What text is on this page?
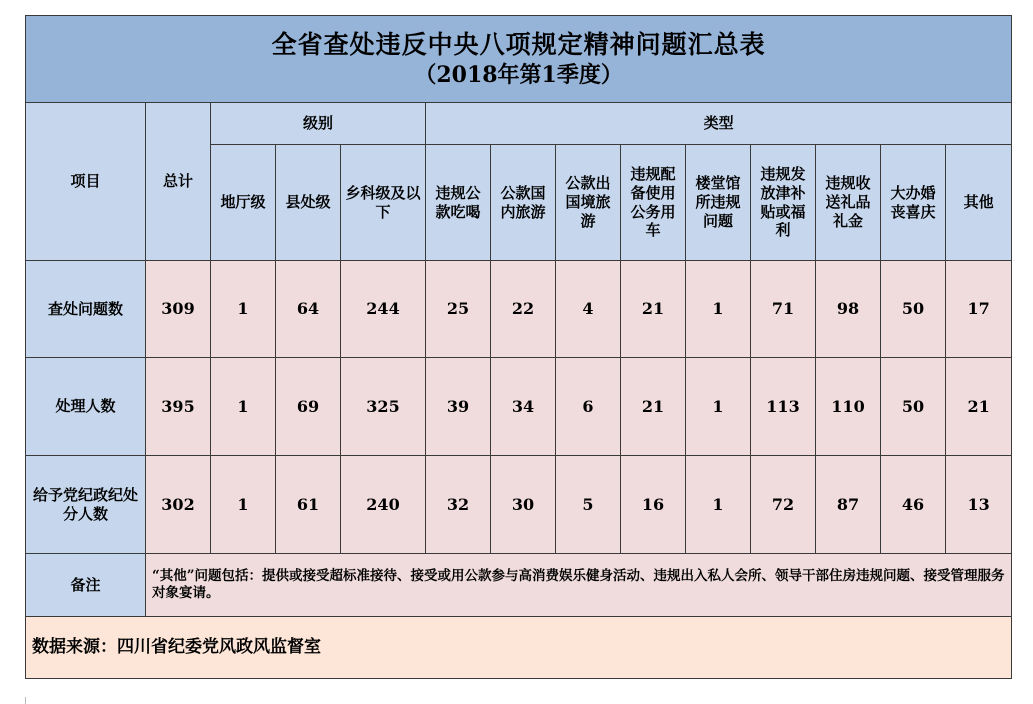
全省查处违反中央八项规定精神问题汇总表
（2018年第1季度）													

项目	总计	级别			类型								
		地厅级	县处级	乡科级及以下	违规公款吃喝	公款国内旅游	公款出国境旅游	违规配备使用公务用车	楼堂馆所违规问题	违规发放津补贴或福利	违规收送礼品礼金	大办婚丧喜庆	其他
查处问题数	309	1	64	244	25	22	4	21	1	71	98	50	17
处理人数	395	1	69	325	39	34	6	21	1	113	110	50	21
给予党纪政纪处分人数	302	1	61	240	32	30	5	16	1	72	87	46	13
备注	“其他”问题包括：提供或接受超标准接待、接受或用公款参与高消费娱乐健身活动、违规出入私人会所、领导干部住房违规问题、接受管理服务对象宴请。												
数据来源：四川省纪委党风政风监督室													
